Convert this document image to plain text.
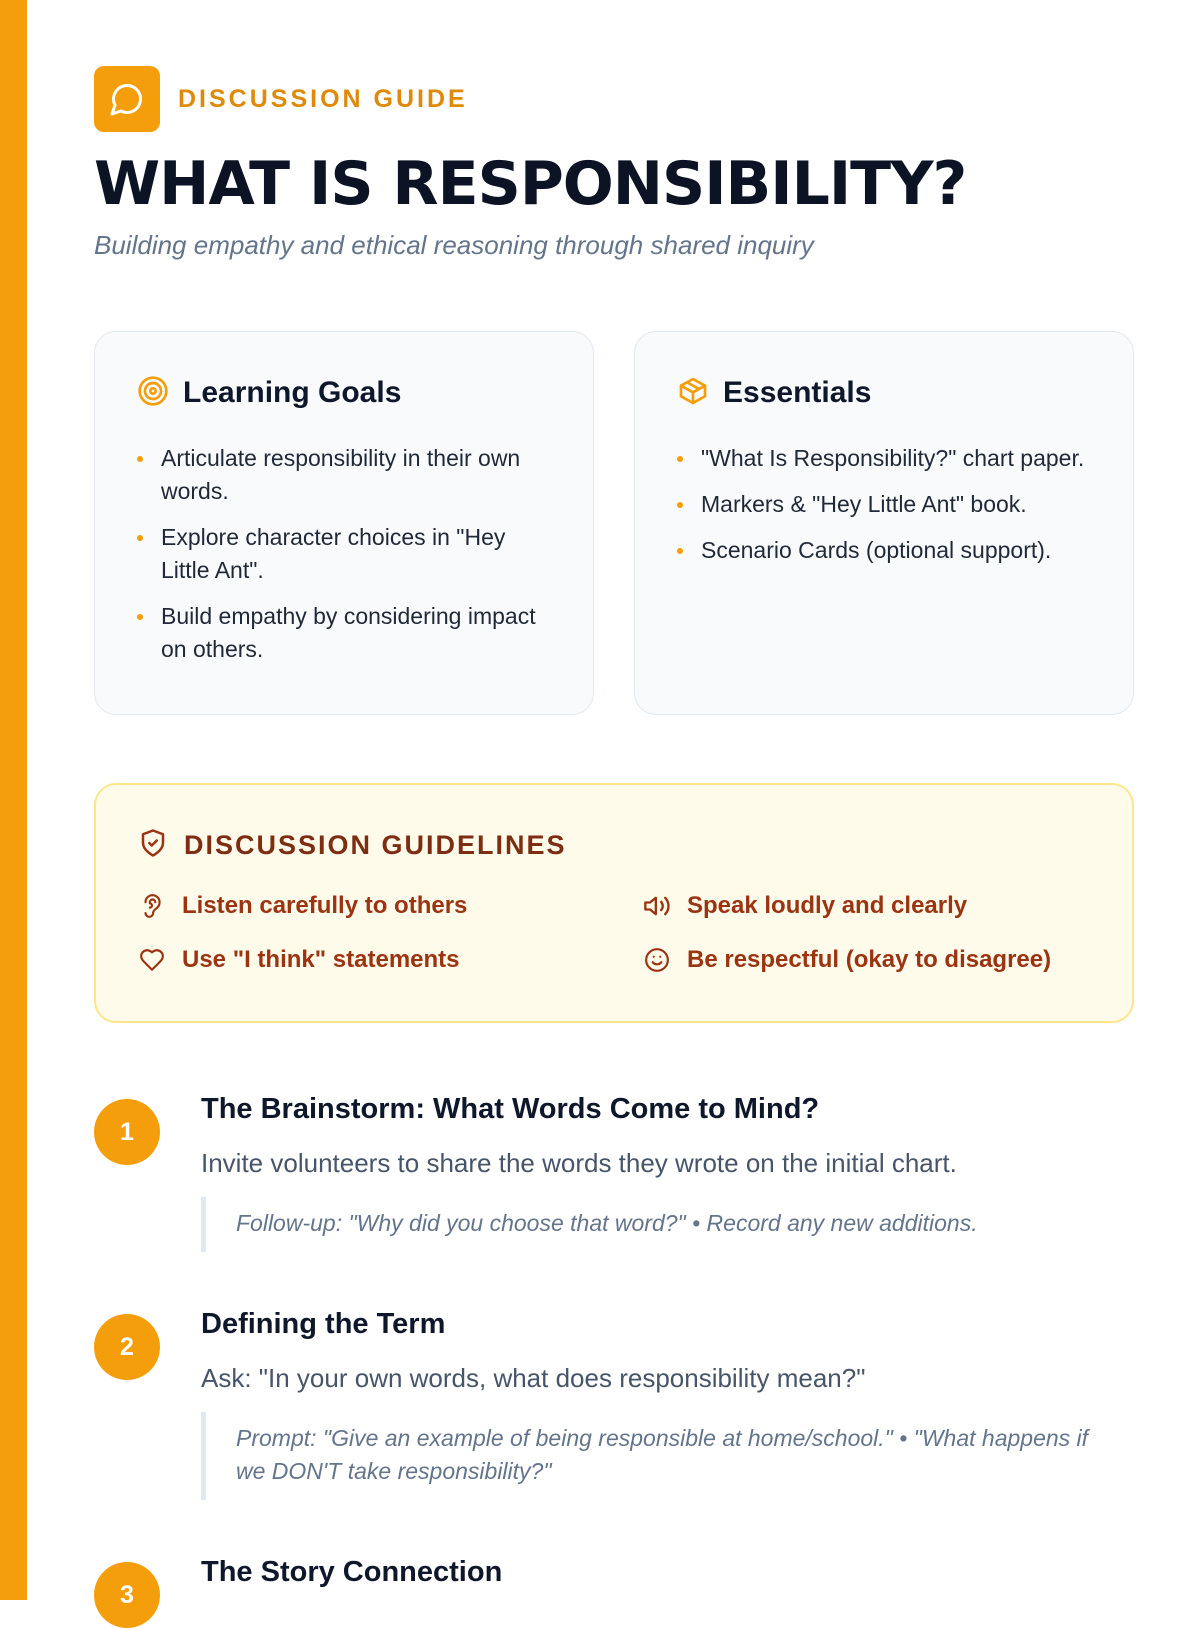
DISCUSSION GUIDE
WHAT IS RESPONSIBILITY?
Building empathy and ethical reasoning through shared inquiry
Learning Goals
Articulate responsibility in their own words.
Explore character choices in "Hey Little Ant".
Build empathy by considering impact on others.
Essentials
"What Is Responsibility?" chart paper.
Markers & "Hey Little Ant" book.
Scenario Cards (optional support).
DISCUSSION GUIDELINES
Listen carefully to others	Speak loudly and clearly
Use "I think" statements	Be respectful (okay to disagree)
1
The Brainstorm: What Words Come to Mind?
Invite volunteers to share the words they wrote on the initial chart.
Follow-up: "Why did you choose that word?" • Record any new additions.
2
Defining the Term
Ask: "In your own words, what does responsibility mean?"
Prompt: "Give an example of being responsible at home/school." • "What happens if we DON'T take responsibility?"
3
The Story Connection
